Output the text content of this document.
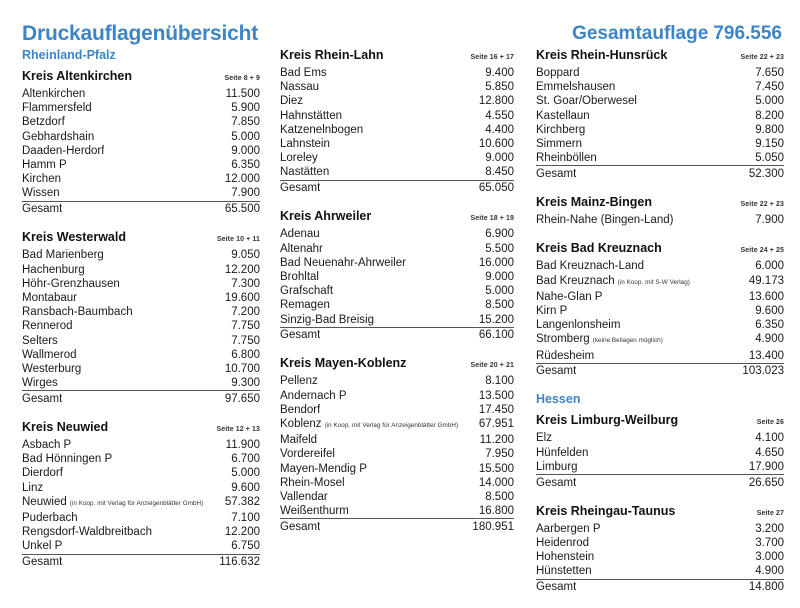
Druckauflagenübersicht	Gesamtauflage 796.556
Rheinland-Pfalz
Kreis Altenkirchen	Seite 8 + 9
Altenkirchen	11.500
Flammersfeld	5.900
Betzdorf	7.850
Gebhardshain	5.000
Daaden-Herdorf	9.000
Hamm P	6.350
Kirchen	12.000
Wissen	7.900
Gesamt	65.500
Kreis Westerwald	Seite 10 + 11
Bad Marienberg	9.050
Hachenburg	12.200
Höhr-Grenzhausen	7.300
Montabaur	19.600
Ransbach-Baumbach	7.200
Rennerod	7.750
Selters	7.750
Wallmerod	6.800
Westerburg	10.700
Wirges	9.300
Gesamt	97.650
Kreis Neuwied	Seite 12 + 13
Asbach P	11.900
Bad Hönningen P	6.700
Dierdorf	5.000
Linz	9.600
Neuwied (in Koop. mit Verlag für Anzeigenblätter GmbH)	57.382
Puderbach	7.100
Rengsdorf-Waldbreitbach	12.200
Unkel P	6.750
Gesamt	116.632
Kreis Rhein-Lahn	Seite 16 + 17
Bad Ems	9.400
Nassau	5.850
Diez	12.800
Hahnstätten	4.550
Katzenelnbogen	4.400
Lahnstein	10.600
Loreley	9.000
Nastätten	8.450
Gesamt	65.050
Kreis Ahrweiler	Seite 18 + 19
Adenau	6.900
Altenahr	5.500
Bad Neuenahr-Ahrweiler	16.000
Brohltal	9.000
Grafschaft	5.000
Remagen	8.500
Sinzig-Bad Breisig	15.200
Gesamt	66.100
Kreis Mayen-Koblenz	Seite 20 + 21
Pellenz	8.100
Andernach P	13.500
Bendorf	17.450
Koblenz (in Koop. mit Verlag für Anzeigenblätter GmbH)	67.951
Maifeld	11.200
Vordereifel	7.950
Mayen-Mendig P	15.500
Rhein-Mosel	14.000
Vallendar	8.500
Weißenthurm	16.800
Gesamt	180.951
Kreis Rhein-Hunsrück	Seite 22 + 23
Boppard	7.650
Emmelshausen	7.450
St. Goar/Oberwesel	5.000
Kastellaun	8.200
Kirchberg	9.800
Simmern	9.150
Rheinböllen	5.050
Gesamt	52.300
Kreis Mainz-Bingen	Seite 22 + 23
Rhein-Nahe (Bingen-Land)	7.900
Kreis Bad Kreuznach	Seite 24 + 25
Bad Kreuznach-Land	6.000
Bad Kreuznach (in Koop. mit S-W Verlag)	49.173
Nahe-Glan P	13.600
Kirn P	9.600
Langenlonsheim	6.350
Stromberg (keine Beilagen möglich)	4.900
Rüdesheim	13.400
Gesamt	103.023
Hessen
Kreis Limburg-Weilburg	Seite 26
Elz	4.100
Hünfelden	4.650
Limburg	17.900
Gesamt	26.650
Kreis Rheingau-Taunus	Seite 27
Aarbergen P	3.200
Heidenrod	3.700
Hohenstein	3.000
Hünstetten	4.900
Gesamt	14.800
